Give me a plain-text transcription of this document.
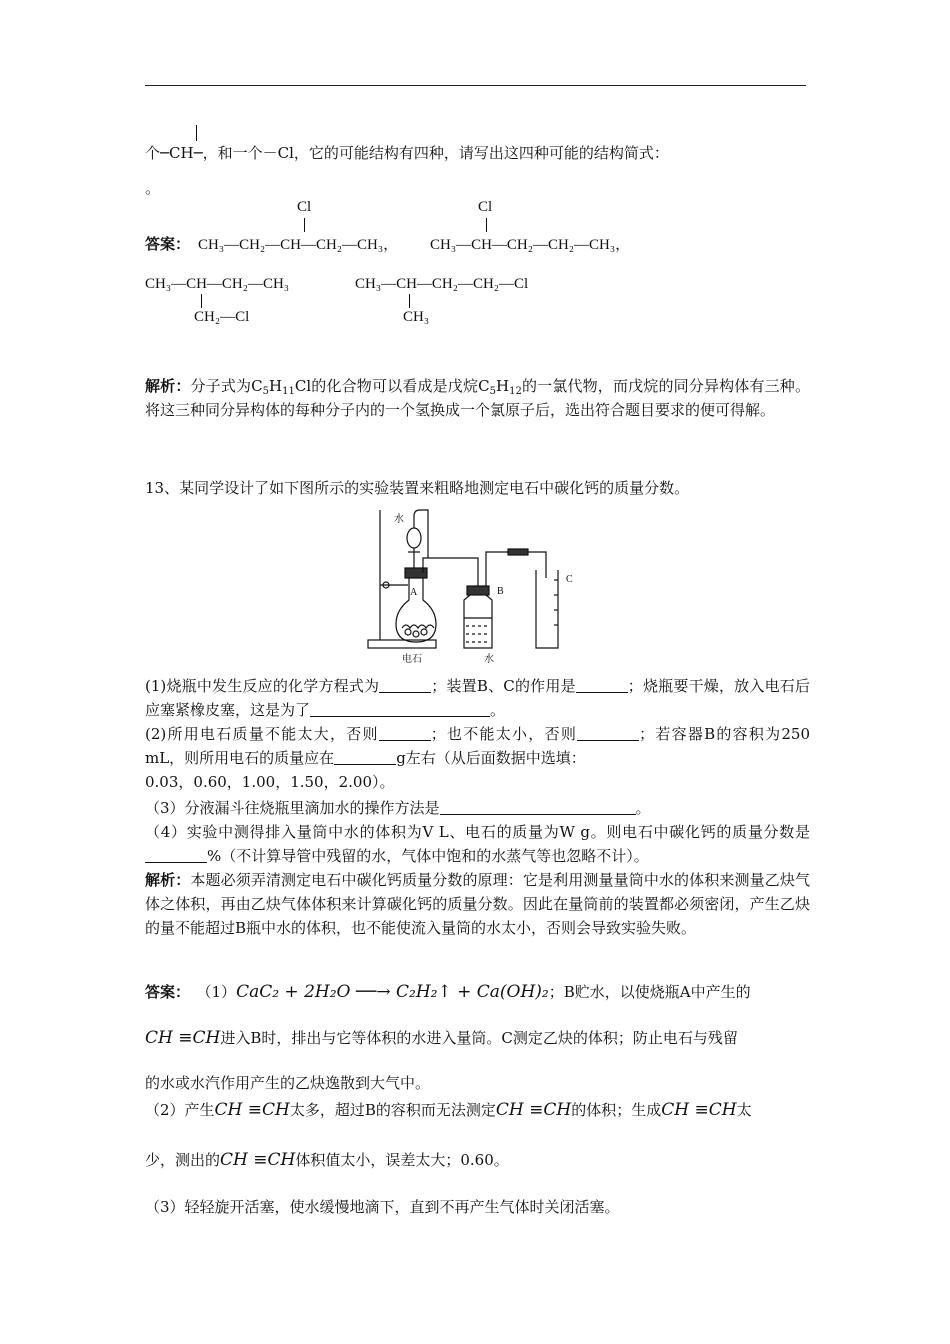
个
─CH─，和一个－Cl，它的可能结构有四种，请写出这四种可能的结构简式：
。
答案：
Cl
CH₃—CH₂—CH—CH₂—CH₃，
Cl
CH₃—CH—CH₂—CH₂—CH₃，
CH₃—CH—CH₂—CH₃
CH₂—Cl
CH₃—CH—CH₂—CH₂—Cl
CH₃
解析：分子式为$C_5H_{11}Cl$的化合物可以看成是戊烷$C_5H_{12}$的一氯代物，而戊烷的同分异构体有三种。将这三种同分异构体的每种分子内的一个氢换成一个氯原子后，选出符合题目要求的便可得解。
13、某同学设计了如下图所示的实验装置来粗略地测定电石中碳化钙的质量分数。
水
A	B
C
电石	水
(1)烧瓶中发生反应的化学方程式为	；装置B、C的作用是	；烧瓶要干燥，放入电石后应塞紧橡皮塞，这是为了	。
(2)所用电石质量不能太大，否则	；也不能太小，否则	；若容器B的容积为250 mL，则所用电石的质量应在	g左右（从后面数据中选填：
0.03，0.60，1.00，1.50，2.00）。
（3）分液漏斗往烧瓶里滴加水的操作方法是	。
（4）实验中测得排入量筒中水的体积为V L、电石的质量为W g。则电石中碳化钙的质量分数是%（不计算导管中残留的水，气体中饱和的水蒸气等也忽略不计）。
解析：本题必须弄清测定电石中碳化钙质量分数的原理：它是利用测量量筒中水的体积来测量乙炔气体之体积，再由乙炔气体体积来计算碳化钙的质量分数。因此在量筒前的装置都必须密闭，产生乙炔的量不能超过B瓶中水的体积，也不能使流入量筒的水太小，否则会导致实验失败。
答案： （1）CaC₂ + 2H₂O ──→ C₂H₂↑ + Ca(OH)₂；B贮水，以使烧瓶A中产生的
CH ≡CH进入B时，排出与它等体积的水进入量筒。C测定乙炔的体积；防止电石与残留
的水或水汽作用产生的乙炔逸散到大气中。
（2）产生CH ≡CH太多，超过B的容积而无法测定CH ≡CH的体积；生成CH ≡CH太
少，测出的CH ≡CH体积值太小，误差太大；0.60。
（3）轻轻旋开活塞，使水缓慢地滴下，直到不再产生气体时关闭活塞。
